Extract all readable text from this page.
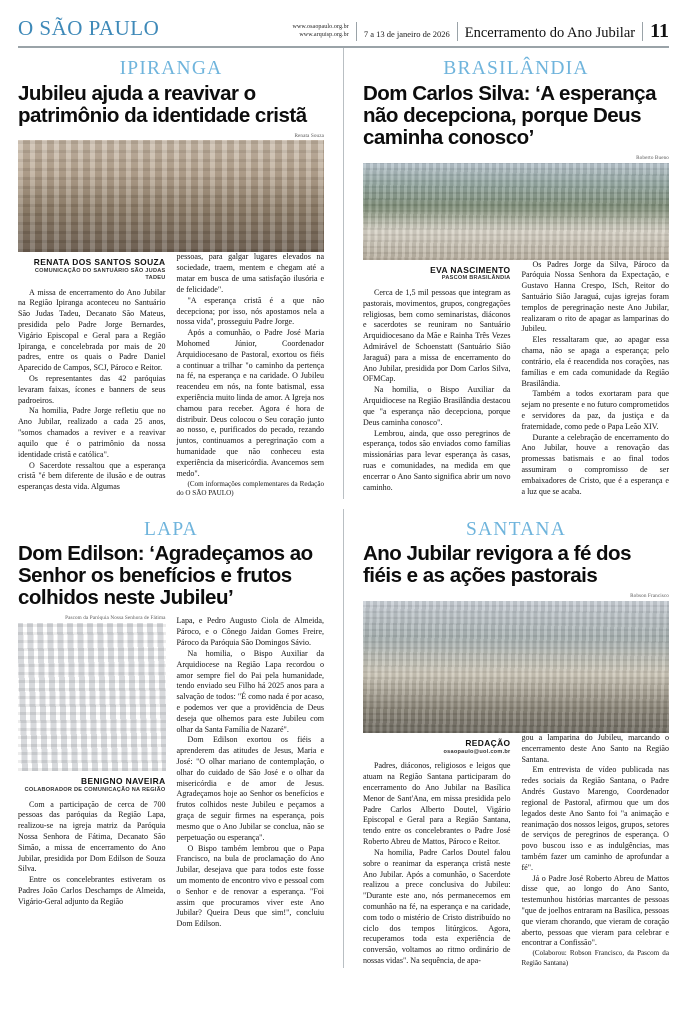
O SÃO PAULO	www.osaopaulo.org.br
www.arquisp.org.br 7 a 13 de janeiro de 2026 Encerramento do Ano Jubilar 11
IPIRANGA
Jubileu ajuda a reavivar o patrimônio da identidade cristã
Renata Souza
RENATA DOS SANTOS SOUZA
COMUNICAÇÃO DO SANTUÁRIO SÃO JUDAS TADEU

A missa de encerramento do Ano Jubilar na Região Ipiranga aconteceu no Santuário São Judas Tadeu, Decanato São Mateus, presidida pelo Padre Jorge Bernardes, Vigário Episcopal e Geral para a Região Ipiranga, e concelebrada por mais de 20 padres, entre os quais o Padre Daniel Aparecido de Campos, SCJ, Pároco e Reitor.

Os representantes das 42 paróquias levaram faixas, ícones e banners de seus padroeiros.

Na homilia, Padre Jorge refletiu que no Ano Jubilar, realizado a cada 25 anos, "somos chamados a reviver e a reavivar aquilo que é o patrimônio da nossa identidade cristã e católica".

O Sacerdote ressaltou que a esperança cristã "é bem diferente de ilusão e de outras esperanças desta vida. Algumas

pessoas, para galgar lugares elevados na sociedade, traem, mentem e chegam até a matar em busca de uma satisfação ilusória e de felicidade".

"A esperança cristã é a que não decepciona; por isso, nós apostamos nela a nossa vida", prosseguiu Padre Jorge.

Após a comunhão, o Padre José Maria Mohomed Júnior, Coordenador Arquidiocesano de Pastoral, exortou os fiéis a continuar a trilhar "o caminho da pertença na fé, na esperança e na caridade. O Jubileu reacendeu em nós, na fonte batismal, essa experiência muito linda de amor. A Igreja nos chamou para receber. Agora é hora de distribuir. Deus colocou o Seu coração junto ao nosso, e, purificados do pecado, rezando juntos, continuamos a peregrinação com a humanidade que não conheceu esta experiência da misericórdia. Avancemos sem medo".

(Com informações complementares da Redação do O SÃO PAULO)

BRASILÂNDIA
Dom Carlos Silva: ‘A esperança não decepciona, porque Deus caminha conosco’
Roberto Bueno
EVA NASCIMENTO
PASCOM BRASILÂNDIA

Cerca de 1,5 mil pessoas que integram as pastorais, movimentos, grupos, congregações religiosas, bem como seminaristas, diáconos e sacerdotes se reuniram no Santuário Arquidiocesano da Mãe e Rainha Três Vezes Admirável de Schoenstatt (Santuário Sião Jaraguá) para a missa de encerramento do Ano Jubilar, presidida por Dom Carlos Silva, OFMCap.

Na homilia, o Bispo Auxiliar da Arquidiocese na Região Brasilândia destacou que "a esperança não decepciona, porque Deus caminha conosco".

Lembrou, ainda, que osso peregrinos de esperança, todos são enviados como famílias missionárias para levar esperança às casas, ruas e comunidades, na medida em que encerrar o Ano Santo significa abrir um novo caminho.

Os Padres Jorge da Silva, Pároco da Paróquia Nossa Senhora da Expectação, e Gustavo Hanna Crespo, ISch, Reitor do Santuário Sião Jaraguá, cujas igrejas foram templos de peregrinação neste Ano Jubilar, realizaram o rito de apagar as lamparinas do Jubileu.

Eles ressaltaram que, ao apagar essa chama, não se apaga a esperança; pelo contrário, ela é reacendida nos corações, nas famílias e em cada comunidade da Região Brasilândia.

Também a todos exortaram para que sejam no presente e no futuro comprometidos e servidores da paz, da justiça e da fraternidade, como pede o Papa Leão XIV.

Durante a celebração de encerramento do Ano Jubilar, houve a renovação das promessas batismais e ao final todos assumiram o compromisso de ser embaixadores de Cristo, que é a esperança e a luz que se acaba.

LAPA
Dom Edilson: ‘Agradeçamos ao Senhor os benefícios e frutos colhidos neste Jubileu’
Pascom da Paróquia Nossa Senhora de Fátima
BENIGNO NAVEIRA
COLABORADOR DE COMUNICAÇÃO NA REGIÃO

Com a participação de cerca de 700 pessoas das paróquias da Região Lapa, realizou-se na igreja matriz da Paróquia Nossa Senhora de Fátima, Decanato São Simão, a missa de encerramento do Ano Jubilar, presidida por Dom Edilson de Souza Silva.

Entre os concelebrantes estiveram os Padres João Carlos Deschamps de Almeida, Vigário-Geral adjunto da Região

Lapa, e Pedro Augusto Ciola de Almeida, Pároco, e o Cônego Jaidan Gomes Freire, Pároco da Paróquia São Domingos Sávio.

Na homilia, o Bispo Auxiliar da Arquidiocese na Região Lapa recordou o amor sempre fiel do Pai pela humanidade, tendo enviado seu Filho há 2025 anos para a salvação de todos: "É como nada é por acaso, e podemos ver que a providência de Deus deseja que olhemos para este Jubileu com olhar da Santa Família de Nazaré".

Dom Edilson exortou os fiéis a aprenderem das atitudes de Jesus, Maria e José: "O olhar mariano de contemplação, o olhar do cuidado de São José e o olhar da misericórdia e de amor de Jesus. Agradeçamos hoje ao Senhor os benefícios e frutos colhidos neste Jubileu e peçamos a graça de seguir firmes na esperança, pois mesmo que o Ano Jubilar se conclua, não se perpetuação ou esperança".

O Bispo também lembrou que o Papa Francisco, na bula de proclamação do Ano Jubilar, desejava que para todos este fosse um momento de encontro vivo e pessoal com o Senhor e de renovar a esperança. "Foi assim que procuramos viver este Ano Jubilar? Queira Deus que sim!", concluiu Dom Edilson.

SANTANA
Ano Jubilar revigora a fé dos fiéis e as ações pastorais
Robson Francisco
REDAÇÃO
osaopaulo@uol.com.br

Padres, diáconos, religiosos e leigos que atuam na Região Santana participaram do encerramento do Ano Jubilar na Basílica Menor de Sant'Ana, em missa presidida pelo Padre Carlos Alberto Doutel, Vigário Episcopal e Geral para a Região Santana, tendo entre os concelebrantes o Padre José Roberto Abreu de Mattos, Pároco e Reitor.

Na homilia, Padre Carlos Doutel falou sobre o reanimar da esperança cristã neste Ano Jubilar. Após a comunhão, o Sacerdote realizou a prece conclusiva do Jubileu: "Durante este ano, nós permanecemos em comunhão na fé, na esperança e na caridade, com todo o mistério de Cristo distribuído no ciclo dos tempos litúrgicos. Agora, recuperamos toda esta experiência de conversão, voltamos ao ritmo ordinário de nossas vidas". Na sequência, de apa-

gou a lamparina do Jubileu, marcando o encerramento deste Ano Santo na Região Santana.

Em entrevista de vídeo publicada nas redes sociais da Região Santana, o Padre Andrés Gustavo Marengo, Coordenador regional de Pastoral, afirmou que um dos legados deste Ano Santo foi "a animação e reanimação dos nossos leigos, grupos, setores de serviços de peregrinos de esperança. O povo buscou isso e as indulgências, mas também fazer um caminho de aprofundar a fé".

Já o Padre José Roberto Abreu de Mattos disse que, ao longo do Ano Santo, testemunhou histórias marcantes de pessoas "que de joelhos entraram na Basílica, pessoas que vieram chorando, que vieram de coração aberto, pessoas que vieram para celebrar e encontrar a Confissão".

(Colaborou: Robson Francisco, da Pascom da Região Santana)
